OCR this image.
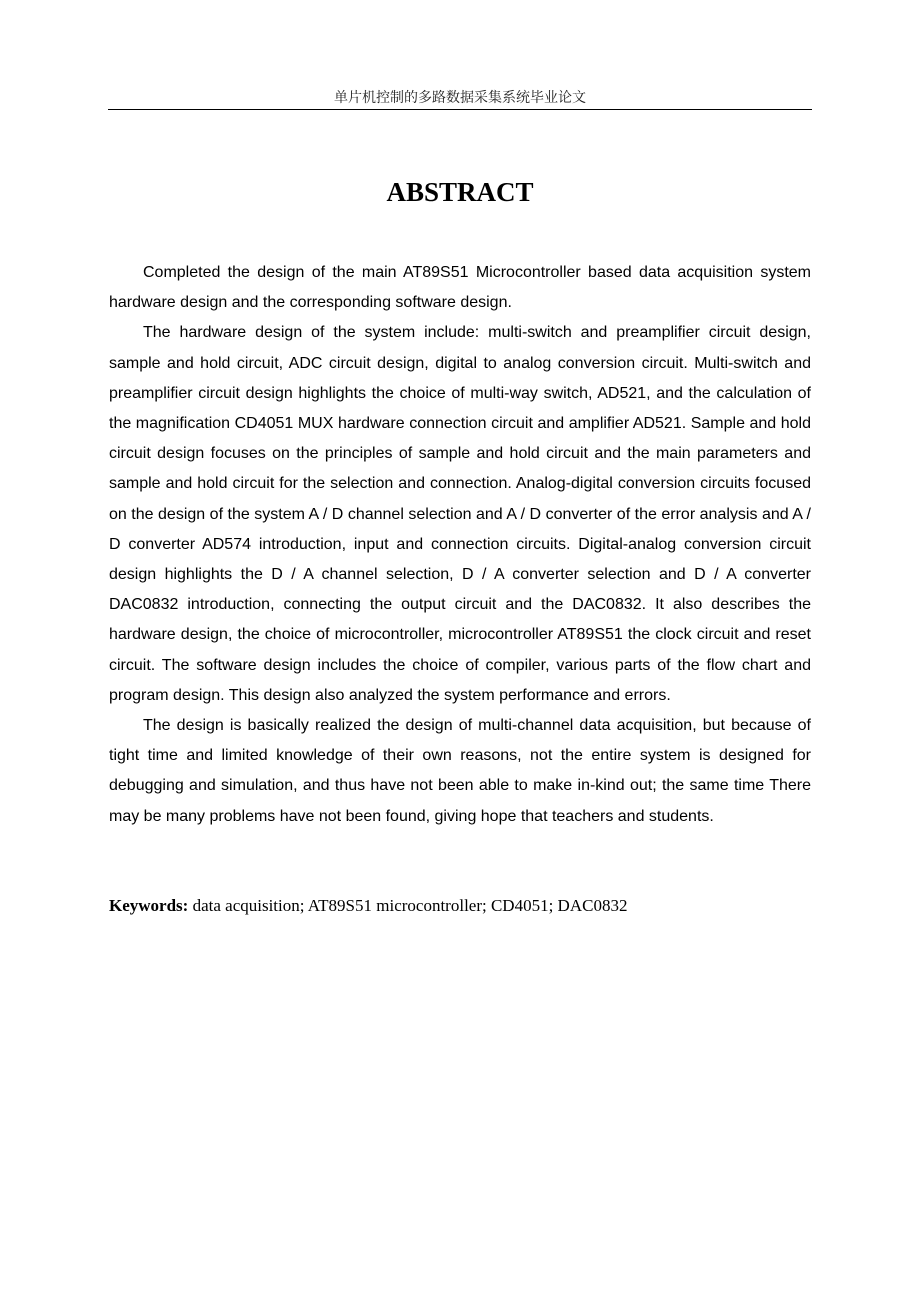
单片机控制的多路数据采集系统毕业论文
ABSTRACT

Completed the design of the main AT89S51 Microcontroller based data acquisition system hardware design and the corresponding software design.

The hardware design of the system include: multi-switch and preamplifier circuit design, sample and hold circuit, ADC circuit design, digital to analog conversion circuit. Multi-switch and preamplifier circuit design highlights the choice of multi-way switch, AD521, and the calculation of the magnification CD4051 MUX hardware connection circuit and amplifier AD521. Sample and hold circuit design focuses on the principles of sample and hold circuit and the main parameters and sample and hold circuit for the selection and connection. Analog-digital conversion circuits focused on the design of the system A / D channel selection and A / D converter of the error analysis and A / D converter AD574 introduction, input and connection circuits. Digital-analog conversion circuit design highlights the D / A channel selection, D / A converter selection and D / A converter DAC0832 introduction, connecting the output circuit and the DAC0832. It also describes the hardware design, the choice of microcontroller, microcontroller AT89S51 the clock circuit and reset circuit. The software design includes the choice of compiler, various parts of the flow chart and program design. This design also analyzed the system performance and errors.

The design is basically realized the design of multi-channel data acquisition, but because of tight time and limited knowledge of their own reasons, not the entire system is designed for debugging and simulation, and thus have not been able to make in-kind out; the same time There may be many problems have not been found, giving hope that teachers and students.

Keywords: data acquisition; AT89S51 microcontroller; CD4051; DAC0832
